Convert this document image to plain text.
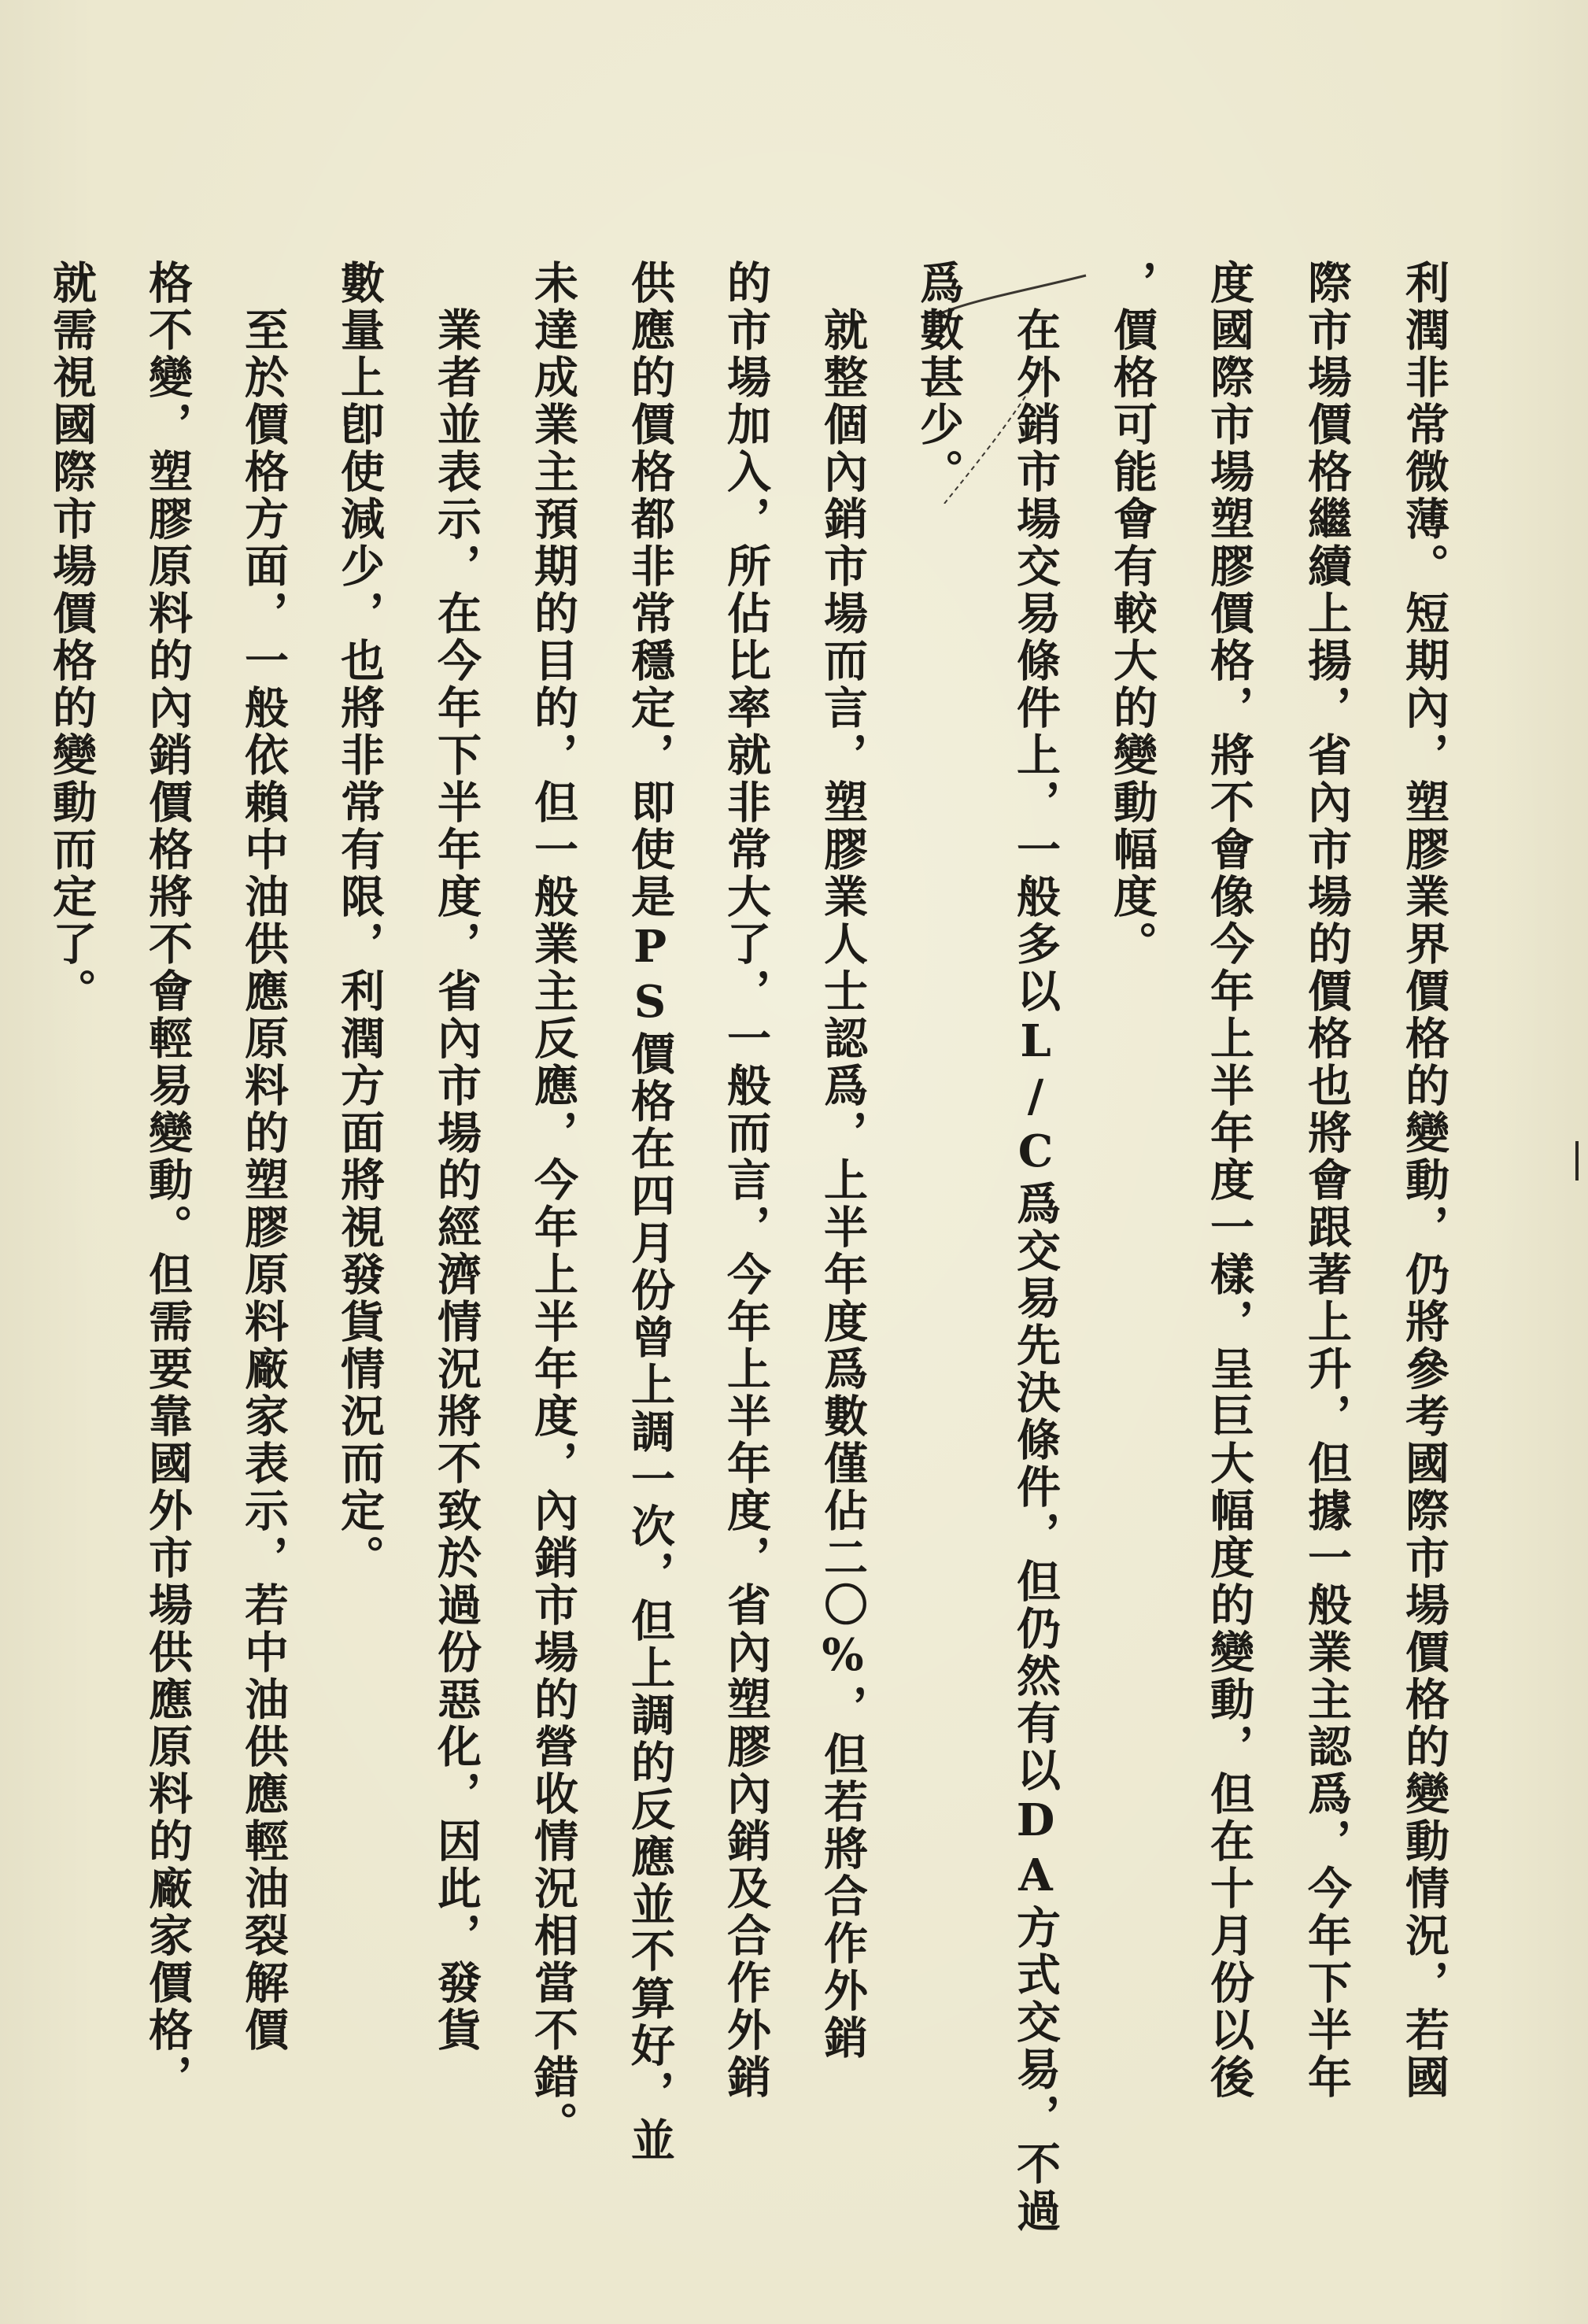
利潤非常微薄。短期內，塑膠業界價格的變動，仍將參考國際市場價格的變動情況，若國

際市場價格繼續上揚，省內市場的價格也將會跟著上升，但據一般業主認爲，今年下半年

度國際市場塑膠價格，將不會像今年上半年度一樣，呈巨大幅度的變動，但在十月份以後

，價格可能會有較大的變動幅度。

　在外銷市場交易條件上，一般多以L/C爲交易先決條件，但仍然有以DA方式交易，不過

爲數甚少。

　就整個內銷市場而言，塑膠業人士認爲，上半年度爲數僅佔二〇%，但若將合作外銷

的市場加入，所佔比率就非常大了，一般而言，今年上半年度，省內塑膠內銷及合作外銷

供應的價格都非常穩定，即使是PS價格在四月份曾上調一次，但上調的反應並不算好，並

未達成業主預期的目的，但一般業主反應，今年上半年度，內銷市場的營收情況相當不錯。

　業者並表示，在今年下半年度，省內市場的經濟情況將不致於過份惡化，因此，發貨

數量上卽使減少，也將非常有限，利潤方面將視發貨情況而定。

　至於價格方面，一般依賴中油供應原料的塑膠原料廠家表示，若中油供應輕油裂解價

格不變，塑膠原料的內銷價格將不會輕易變動。但需要靠國外市場供應原料的廠家價格，

就需視國際市場價格的變動而定了。
